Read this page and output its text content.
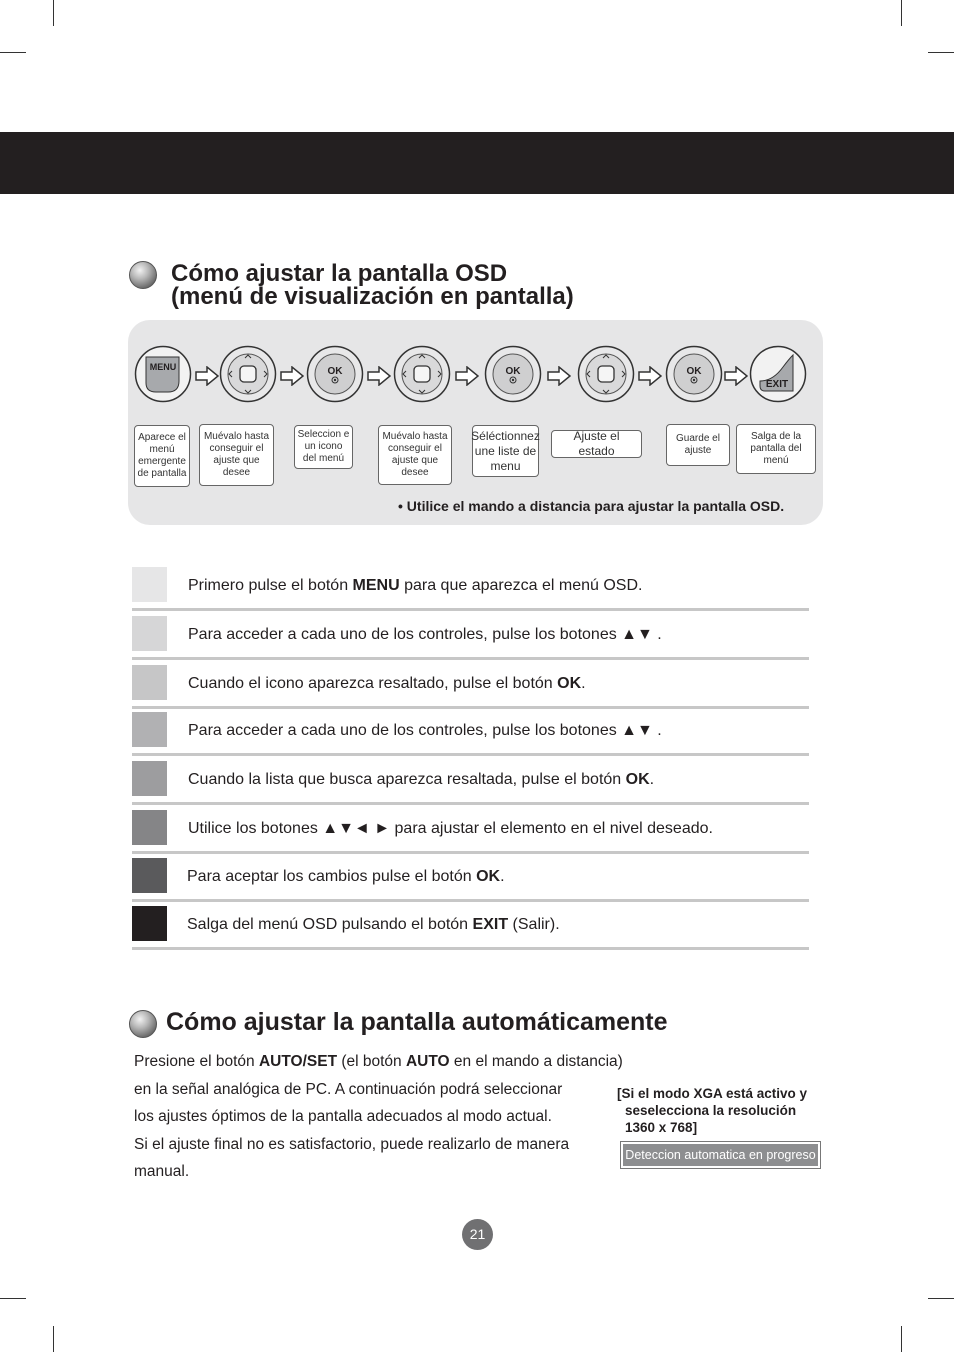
Cómo ajustar la pantalla OSD
(menú de visualización en pantalla)
MENU	OK	OK	OK
EXIT
Aparece el menú emergente de pantalla
Muévalo hasta conseguir el ajuste que desee
Seleccion e un icono del menú
Muévalo hasta conseguir el ajuste que desee
Séléctionnez une liste de menu
Ajuste el estado
Guarde el ajuste
Salga de la pantalla del menú
• Utilice el mando a distancia para ajustar la pantalla OSD.
Primero pulse el botón MENU para que aparezca el menú OSD.
Para acceder a cada uno de los controles, pulse los botones ▲▼ .
Cuando el icono aparezca resaltado, pulse el botón OK.
Para acceder a cada uno de los controles, pulse los botones ▲▼ .
Cuando la lista que busca aparezca resaltada, pulse el botón OK.
Utilice los botones ▲▼◄ ► para ajustar el elemento en el nivel deseado.
Para aceptar los cambios pulse el botón OK.
Salga del menú OSD pulsando el botón EXIT (Salir).
Cómo ajustar la pantalla automáticamente
Presione el botón AUTO/SET (el botón AUTO en el mando a distancia)
en la señal analógica de PC. A continuación podrá seleccionar
los ajustes óptimos de la pantalla adecuados al modo actual.
Si el ajuste final no es satisfactorio, puede realizarlo de manera
manual.
[Si el modo XGA está activo y
seselecciona la resolución
1360 x 768]
Deteccion automatica en progreso
21
